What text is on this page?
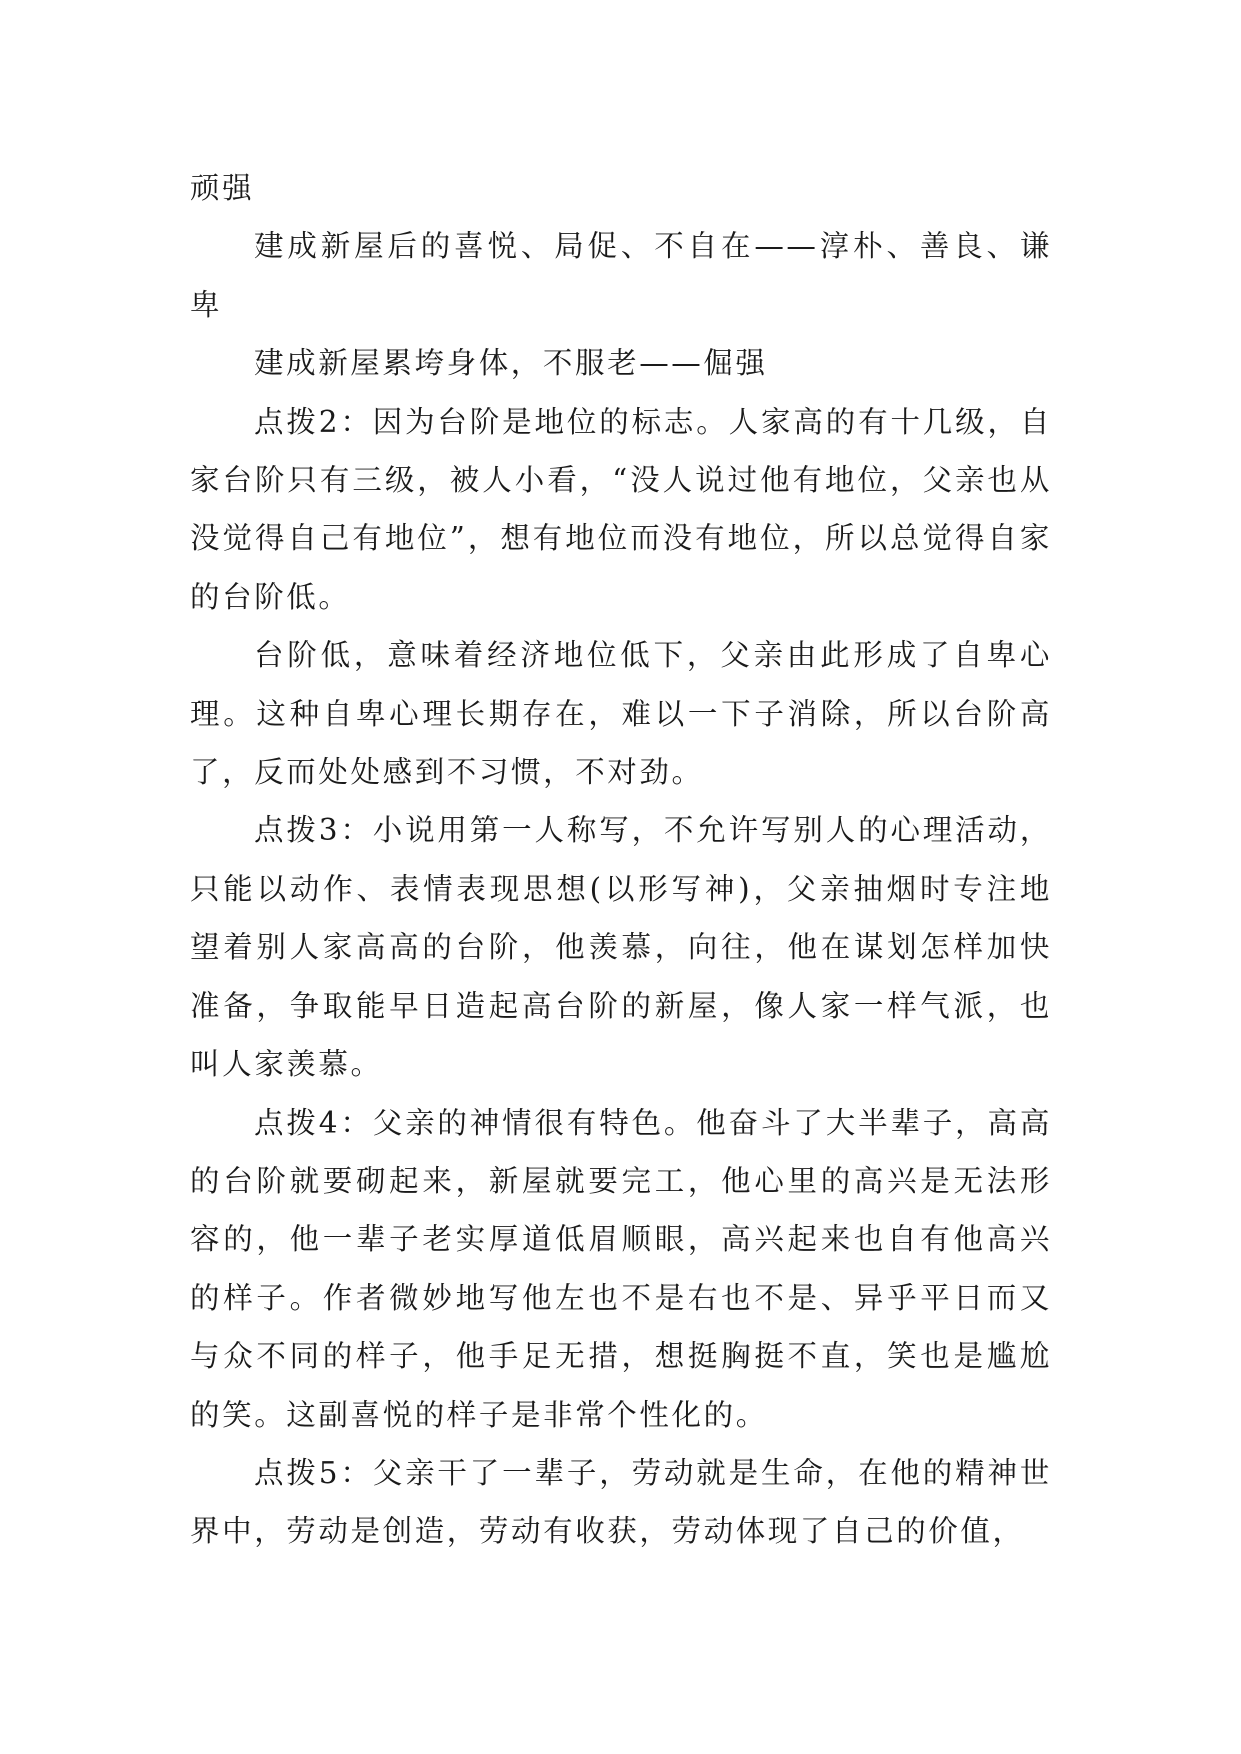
顽强

建成新屋后的喜悦、局促、不自在——淳朴、善良、谦卑

建成新屋累垮身体，不服老——倔强

点拨2：因为台阶是地位的标志。人家高的有十几级，自家台阶只有三级，被人小看，“没人说过他有地位，父亲也从没觉得自己有地位”，想有地位而没有地位，所以总觉得自家的台阶低。

台阶低，意味着经济地位低下，父亲由此形成了自卑心理。这种自卑心理长期存在，难以一下子消除，所以台阶高了，反而处处感到不习惯，不对劲。

点拨3：小说用第一人称写，不允许写别人的心理活动，只能以动作、表情表现思想(以形写神)，父亲抽烟时专注地望着别人家高高的台阶，他羡慕，向往，他在谋划怎样加快准备，争取能早日造起高台阶的新屋，像人家一样气派，也叫人家羡慕。

点拨4：父亲的神情很有特色。他奋斗了大半辈子，高高的台阶就要砌起来，新屋就要完工，他心里的高兴是无法形容的，他一辈子老实厚道低眉顺眼，高兴起来也自有他高兴的样子。作者微妙地写他左也不是右也不是、异乎平日而又与众不同的样子，他手足无措，想挺胸挺不直，笑也是尴尬的笑。这副喜悦的样子是非常个性化的。

点拨5：父亲干了一辈子，劳动就是生命，在他的精神世界中，劳动是创造，劳动有收获，劳动体现了自己的价值，
